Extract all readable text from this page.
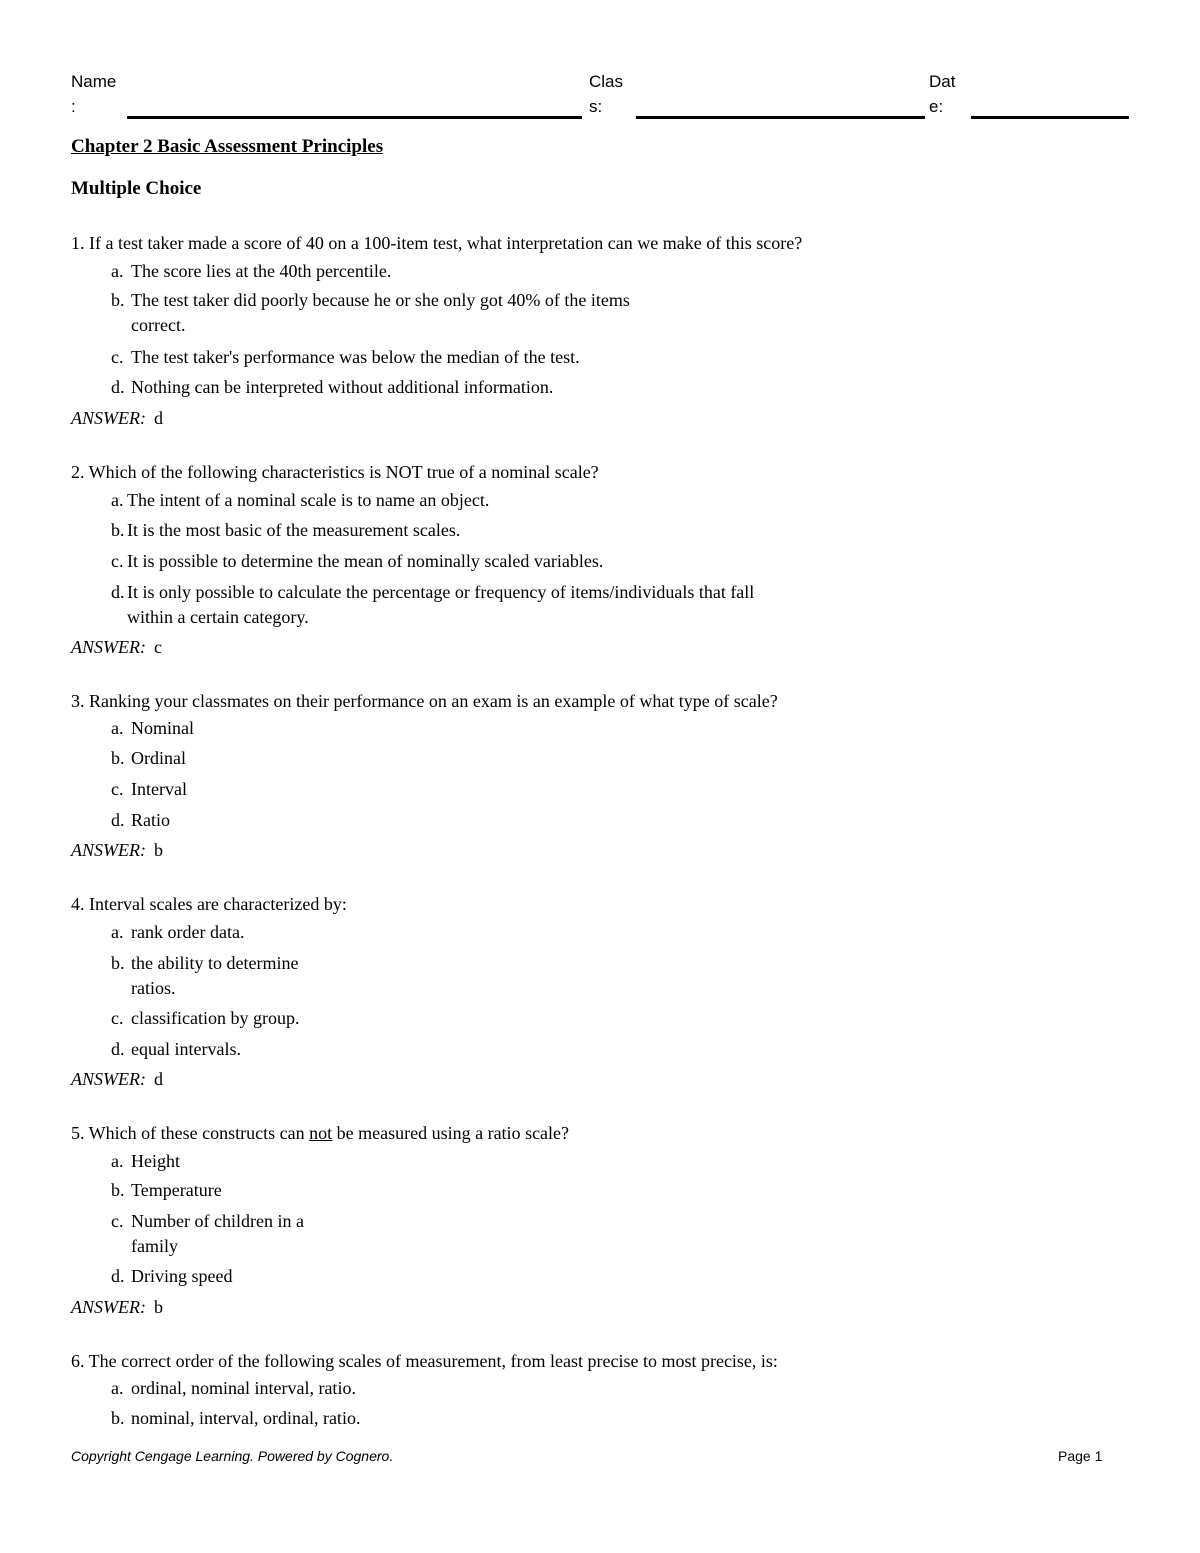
Name
:
Clas
s:
Dat
e:
Chapter 2 Basic Assessment Principles
Multiple Choice
1. If a test taker made a score of 40 on a 100-item test, what interpretation can we make of this score?
a. The score lies at the 40th percentile.
b. The test taker did poorly because he or she only got 40% of the items
correct.
c. The test taker's performance was below the median of the test.
d. Nothing can be interpreted without additional information.
ANSWER: d
2. Which of the following characteristics is NOT true of a nominal scale?
a. The intent of a nominal scale is to name an object.
b. It is the most basic of the measurement scales.
c. It is possible to determine the mean of nominally scaled variables.
d. It is only possible to calculate the percentage or frequency of items/individuals that fall
within a certain category.
ANSWER: c
3. Ranking your classmates on their performance on an exam is an example of what type of scale?
a. Nominal
b. Ordinal
c. Interval
d. Ratio
ANSWER: b
4. Interval scales are characterized by:
a. rank order data.
b. the ability to determine
ratios.
c. classification by group.
d. equal intervals.
ANSWER: d
5. Which of these constructs can not be measured using a ratio scale?
a. Height
b. Temperature
c. Number of children in a
family
d. Driving speed
ANSWER: b
6. The correct order of the following scales of measurement, from least precise to most precise, is:
a. ordinal, nominal interval, ratio.
b. nominal, interval, ordinal, ratio.
Copyright Cengage Learning. Powered by Cognero.	Page 1
